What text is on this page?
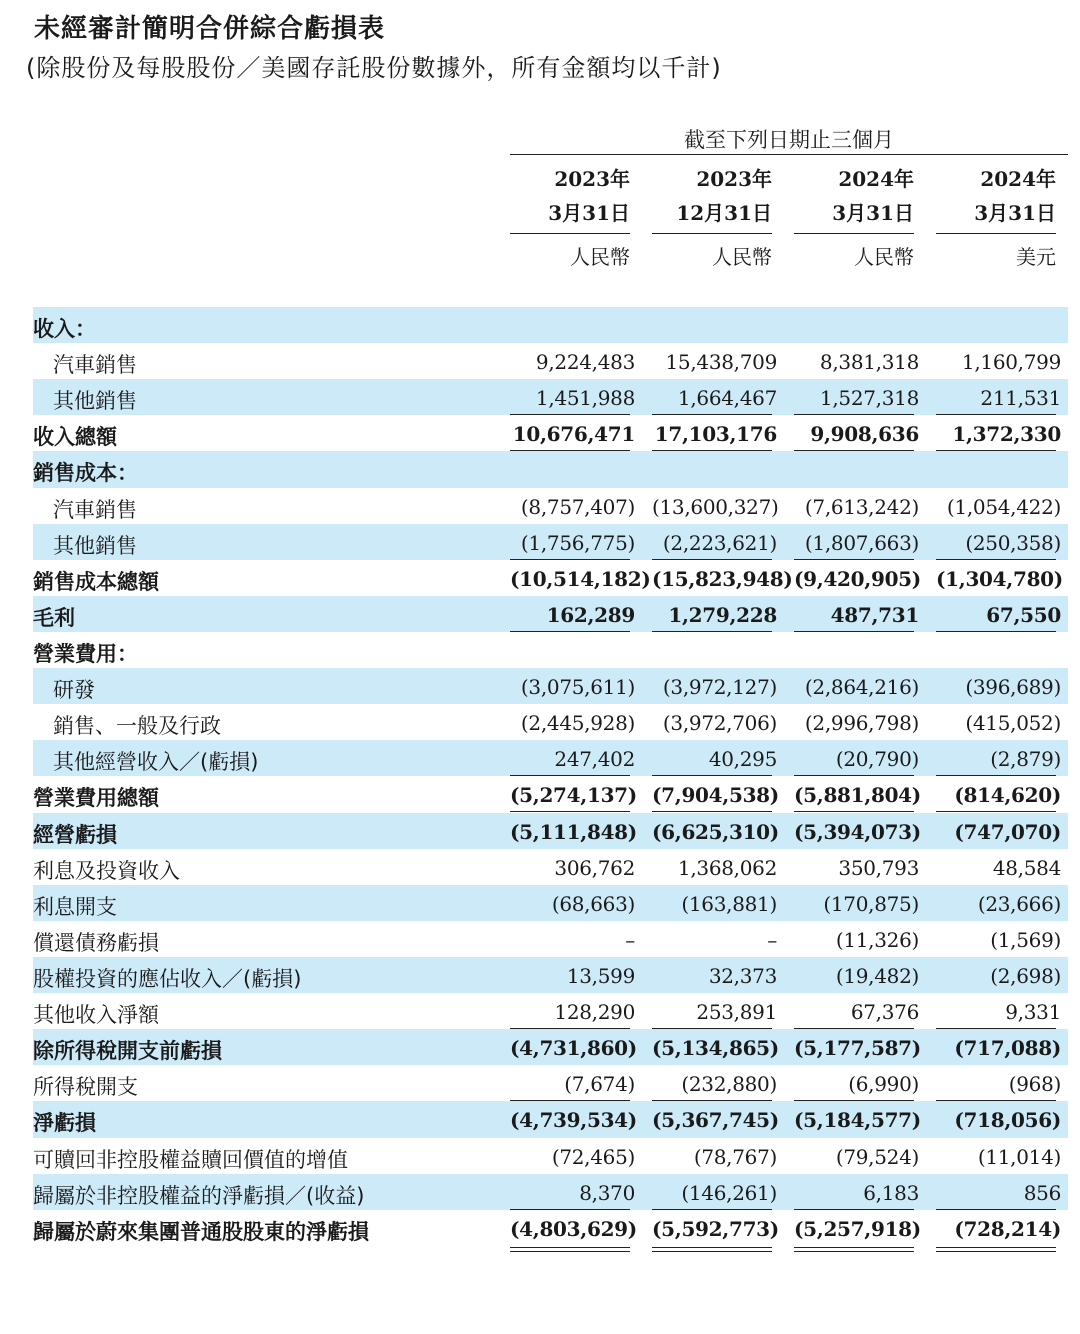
未經審計簡明合併綜合虧損表
(除股份及每股股份／美國存託股份數據外，所有金額均以千計)
截至下列日期止三個月
2023年
3月31日
2023年
12月31日
2024年
3月31日
2024年
3月31日
人民幣	人民幣	人民幣	美元
收入：
汽車銷售	9,224,483	15,438,709	8,381,318	1,160,799
其他銷售	1,451,988	1,664,467	1,527,318	211,531
收入總額	10,676,471 17,103,176	9,908,636	1,372,330
銷售成本：
汽車銷售	(8,757,407) (13,600,327)	(7,613,242)	(1,054,422)
其他銷售	(1,756,775)	(2,223,621)	(1,807,663)	(250,358)
銷售成本總額	(10,514,182) (15,823,948) (9,420,905) (1,304,780)
毛利	162,289	1,279,228	487,731	67,550
營業費用：
研發	(3,075,611)	(3,972,127)	(2,864,216)	(396,689)
銷售、一般及行政	(2,445,928)	(3,972,706)	(2,996,798)	(415,052)
其他經營收入／(虧損)	247,402	40,295	(20,790)	(2,879)
營業費用總額	(5,274,137) (7,904,538) (5,881,804)	(814,620)
經營虧損	(5,111,848) (6,625,310) (5,394,073)	(747,070)
利息及投資收入	306,762	1,368,062	350,793	48,584
利息開支	(68,663)	(163,881)	(170,875)	(23,666)
償還債務虧損	–	–	(11,326)	(1,569)
股權投資的應佔收入／(虧損)	13,599	32,373	(19,482)	(2,698)
其他收入淨額	128,290	253,891	67,376	9,331
除所得稅開支前虧損	(4,731,860) (5,134,865) (5,177,587)	(717,088)
所得稅開支	(7,674)	(232,880)	(6,990)	(968)
淨虧損	(4,739,534) (5,367,745) (5,184,577)	(718,056)
可贖回非控股權益贖回價值的增值	(72,465)	(78,767)	(79,524)	(11,014)
歸屬於非控股權益的淨虧損／(收益)	8,370	(146,261)	6,183	856
歸屬於蔚來集團普通股股東的淨虧損	(4,803,629) (5,592,773) (5,257,918)	(728,214)
